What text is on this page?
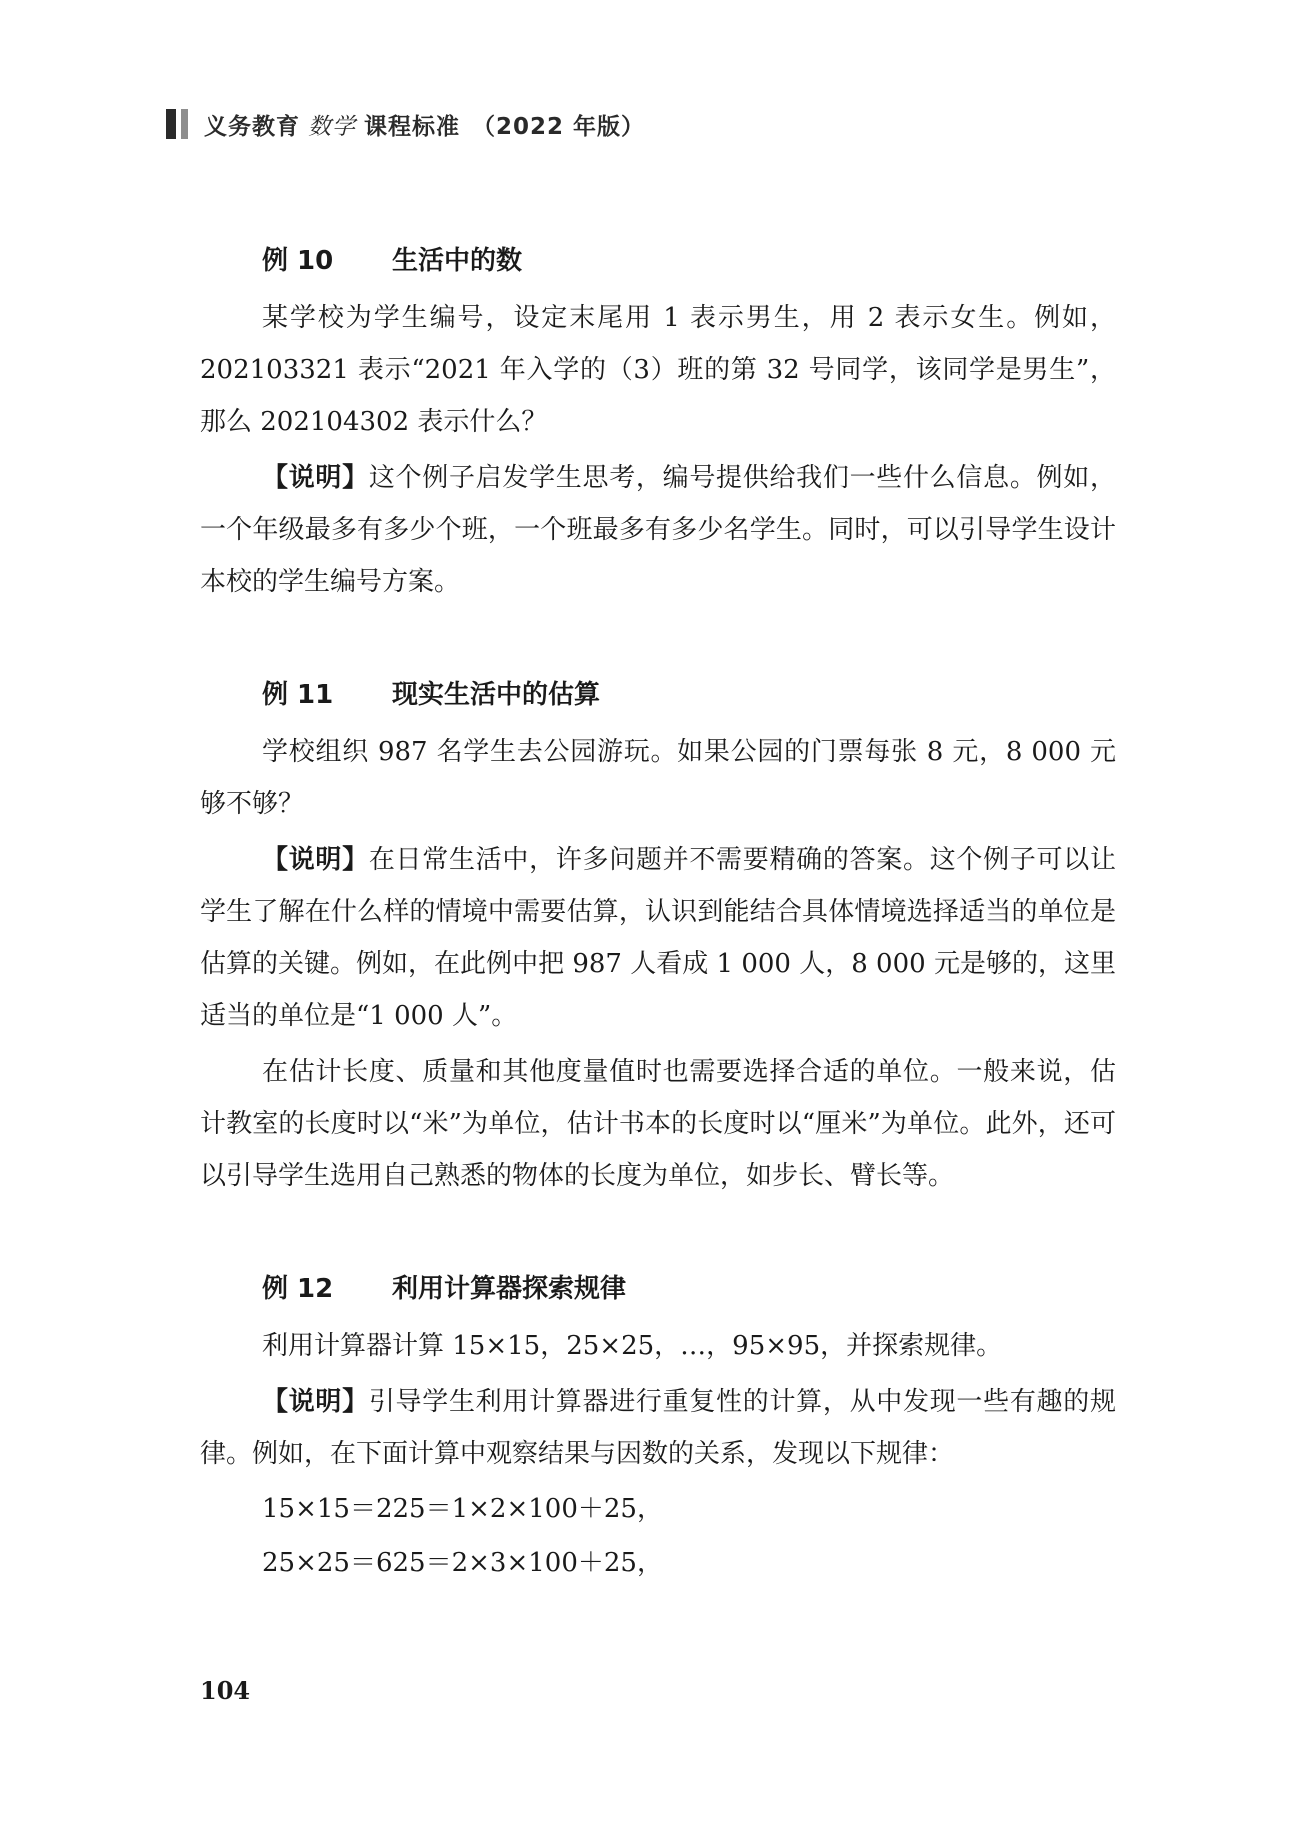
义务教育 数学 课程标准 （2022 年版）
例 10 生活中的数

某学校为学生编号，设定末尾用 1 表示男生，用 2 表示女生。例如，202103321 表示“2021 年入学的（3）班的第 32 号同学，该同学是男生”，那么 202104302 表示什么？

【说明】这个例子启发学生思考，编号提供给我们一些什么信息。例如，一个年级最多有多少个班，一个班最多有多少名学生。同时，可以引导学生设计本校的学生编号方案。

例 11 现实生活中的估算

学校组织 987 名学生去公园游玩。如果公园的门票每张 8 元，8 000 元够不够？

【说明】在日常生活中，许多问题并不需要精确的答案。这个例子可以让学生了解在什么样的情境中需要估算，认识到能结合具体情境选择适当的单位是估算的关键。例如，在此例中把 987 人看成 1 000 人，8 000 元是够的，这里适当的单位是“1 000 人”。

在估计长度、质量和其他度量值时也需要选择合适的单位。一般来说，估计教室的长度时以“米”为单位，估计书本的长度时以“厘米”为单位。此外，还可以引导学生选用自己熟悉的物体的长度为单位，如步长、臂长等。

例 12 利用计算器探索规律

利用计算器计算 15×15，25×25，…，95×95，并探索规律。

【说明】引导学生利用计算器进行重复性的计算，从中发现一些有趣的规律。例如，在下面计算中观察结果与因数的关系，发现以下规律：

15×15＝225＝1×2×100＋25，
25×25＝625＝2×3×100＋25，
104
